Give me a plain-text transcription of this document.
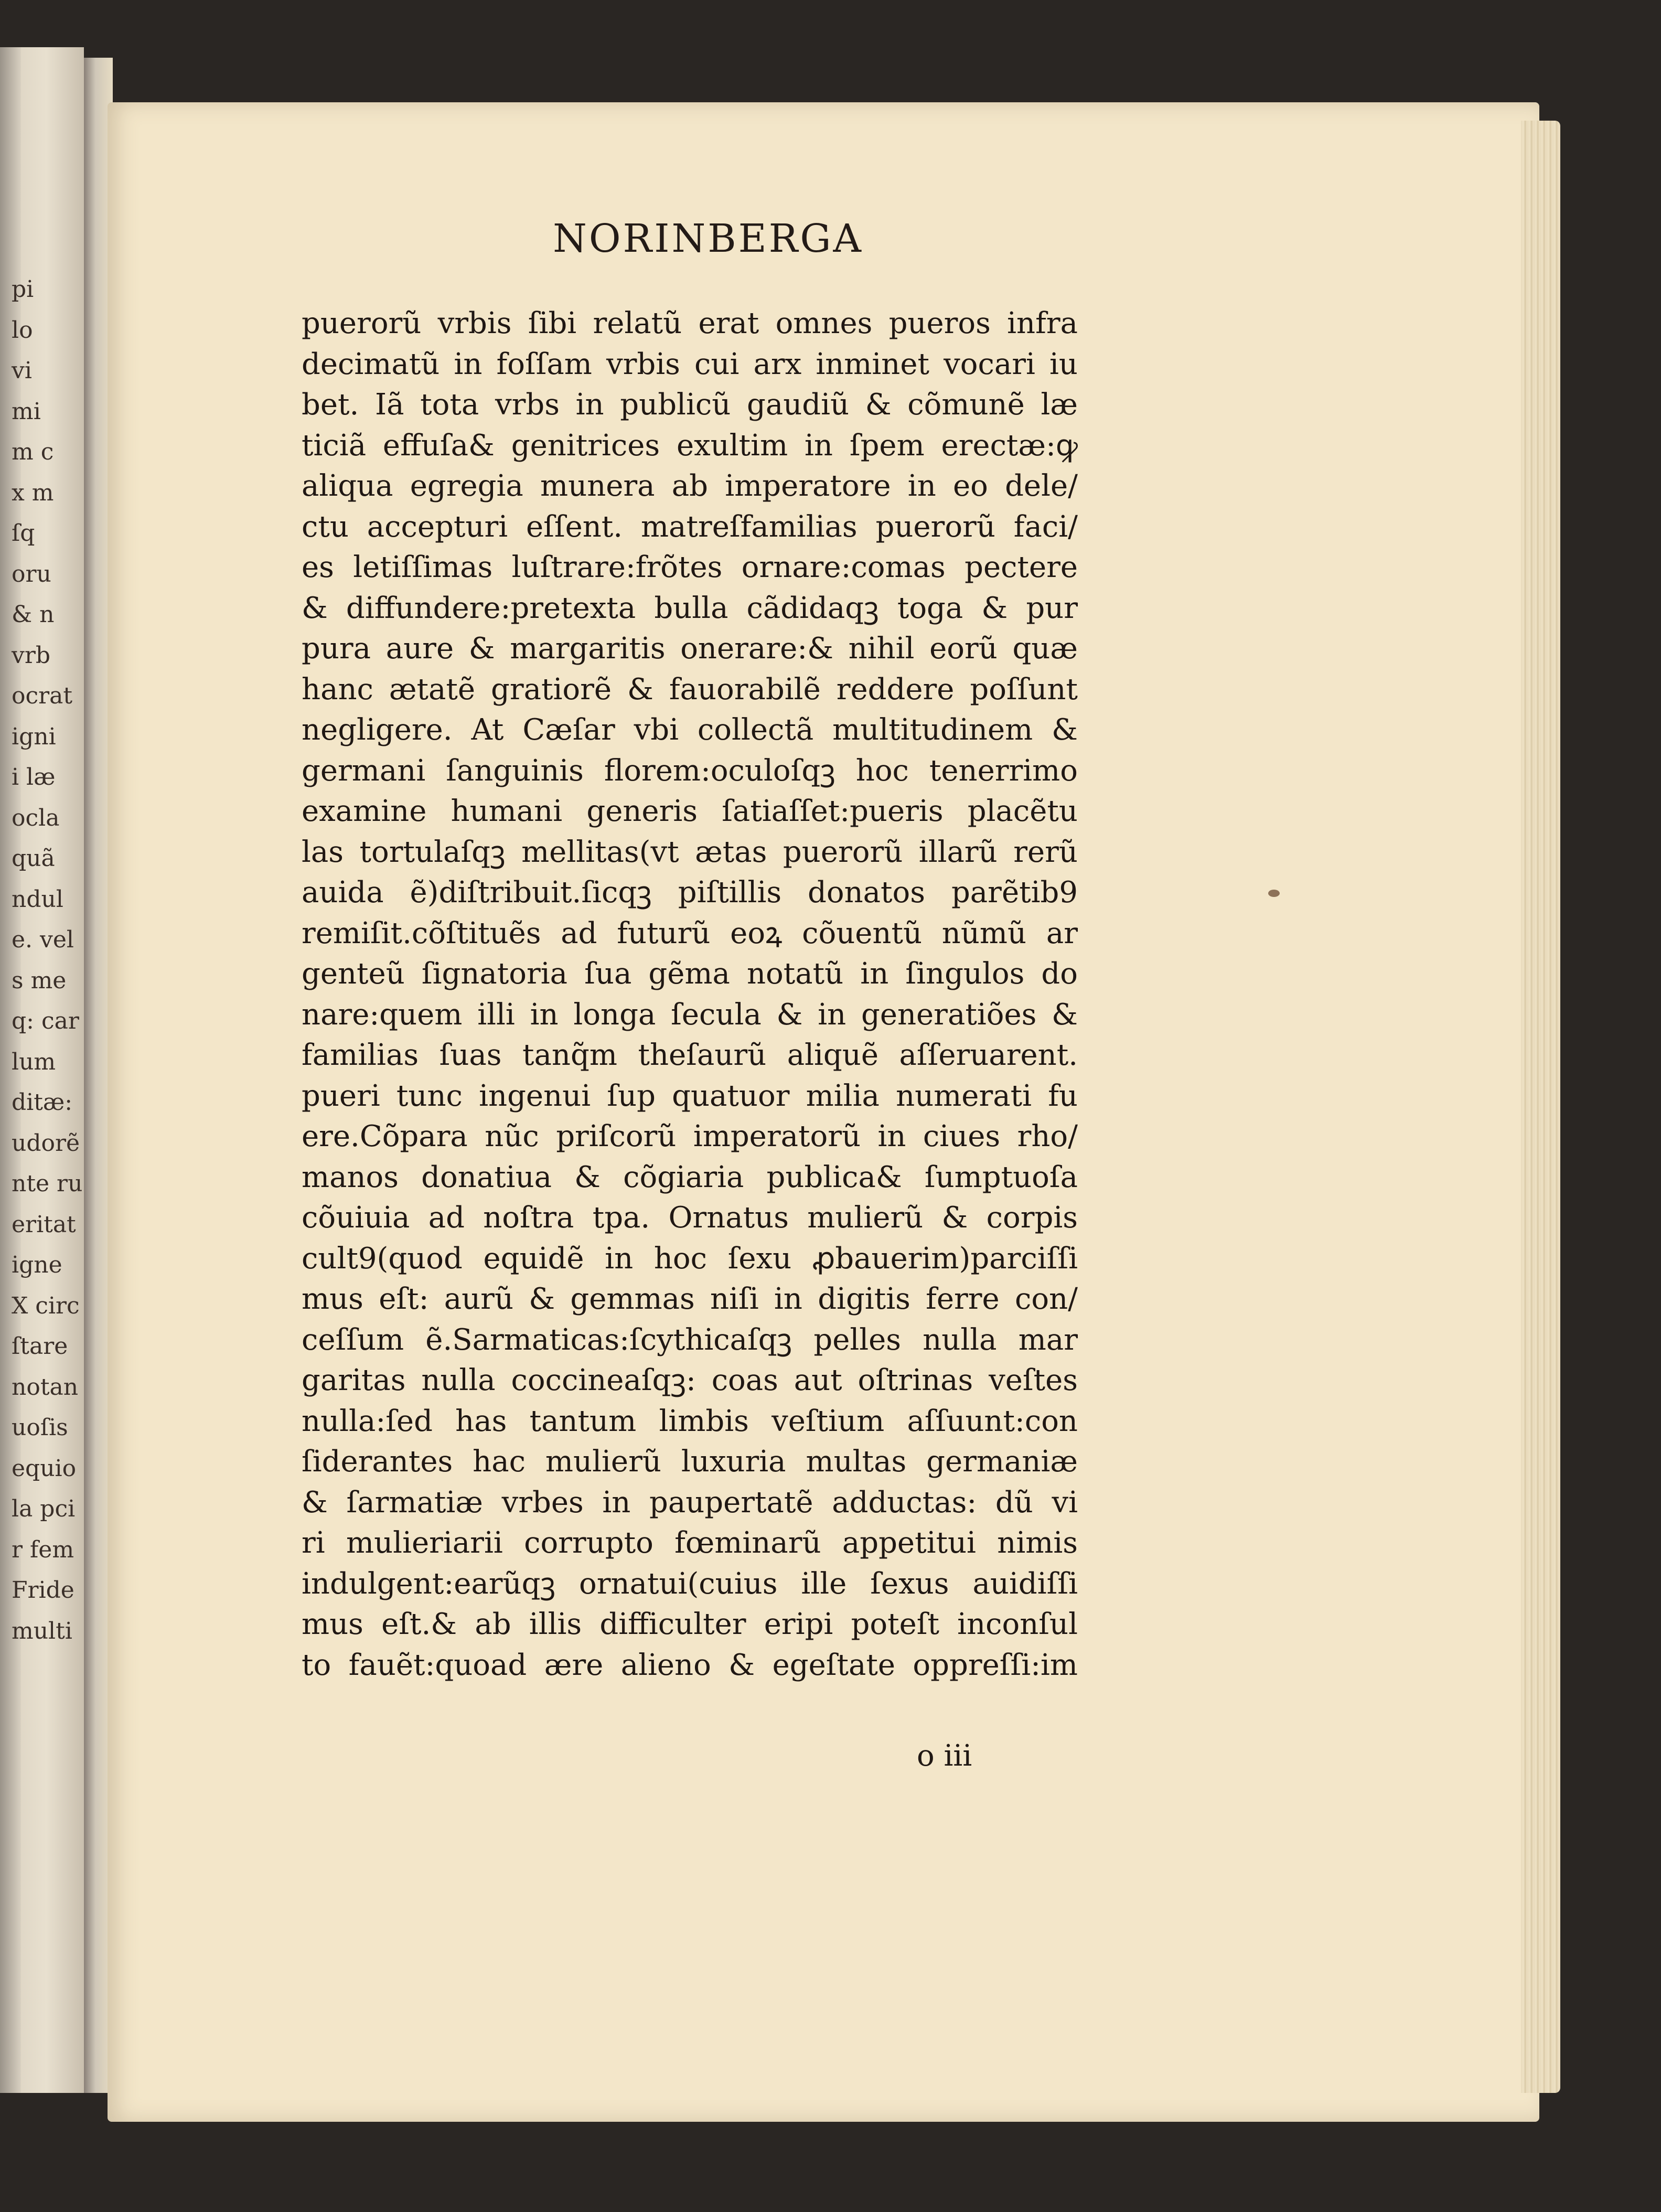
pi
lo
vi
mi
m c
x m
ſq
oru
& n
vrb
ocrat
igni
i læ
ocla
quã
ndul
e. vel
s me
q: car
lum
ditæ:
udorẽ
nte ru
eritat
igne
X circ
ſtare
notan
uoſis
equio
la pci
r fem
Fride
multi
NORINBERGA
puerorũ vrbis ſibi relatũ erat omnes pueros infra
decimatũ in foſſam vrbis cui arx inminet vocari iu
bet. Iã tota vrbs in publicũ gaudiũ & cõmunẽ læ
ticiã effuſa& genitrices exultim in ſpem erectæ:ꝙ
aliqua egregia munera ab imperatore in eo dele/
ctu accepturi eſſent. matreſfamilias puerorũ faci/
es letiſſimas luſtrare:frõtes ornare:comas pectere
& diffundere:pretexta bulla cãdidaqꝫ toga & pur
pura aure & margaritis onerare:& nihil eorũ quæ
hanc ætatẽ gratiorẽ & fauorabilẽ reddere poſſunt
negligere. At Cæſar vbi collectã multitudinem &
germani ſanguinis florem:oculoſqꝫ hoc tenerrimo
examine humani generis ſatiaſſet:pueris placẽtu
las tortulaſqꝫ mellitas(vt ætas puerorũ illarũ rerũ
auida ẽ)diſtribuit.ſicqꝫ piſtillis donatos parẽtib9
remiſit.cõſtituẽs ad futurũ eoꝝ cõuentũ nũmũ ar
genteũ ſignatoria ſua gẽma notatũ in ſingulos do
nare:quem illi in longa ſecula & in generatiões &
familias ſuas tanq̃m theſaurũ aliquẽ aſſeruarent.
pueri tunc ingenui ſup quatuor milia numerati fu
ere.Cõpara nũc priſcorũ imperatorũ in ciues rho/
manos donatiua & cõgiaria publica& ſumptuoſa
cõuiuia ad noſtra tpa. Ornatus mulierũ & corpis
cult9(quod equidẽ in hoc ſexu ꝓbauerim)parciſſi
mus eſt: aurũ & gemmas niſi in digitis ferre con/
ceſſum ẽ.Sarmaticas:ſcythicaſqꝫ pelles nulla mar
garitas nulla coccineaſqꝫ: coas aut oſtrinas veſtes
nulla:ſed has tantum limbis veſtium aſſuunt:con
ſiderantes hac mulierũ luxuria multas germaniæ
& ſarmatiæ vrbes in paupertatẽ adductas: dũ vi
ri mulieriarii corrupto fœminarũ appetitui nimis
indulgent:earũqꝫ ornatui(cuius ille ſexus auidiſſi
mus eſt.& ab illis difficulter eripi poteſt inconſul
to fauẽt:quoad ære alieno & egeſtate oppreſſi:im
o iii
